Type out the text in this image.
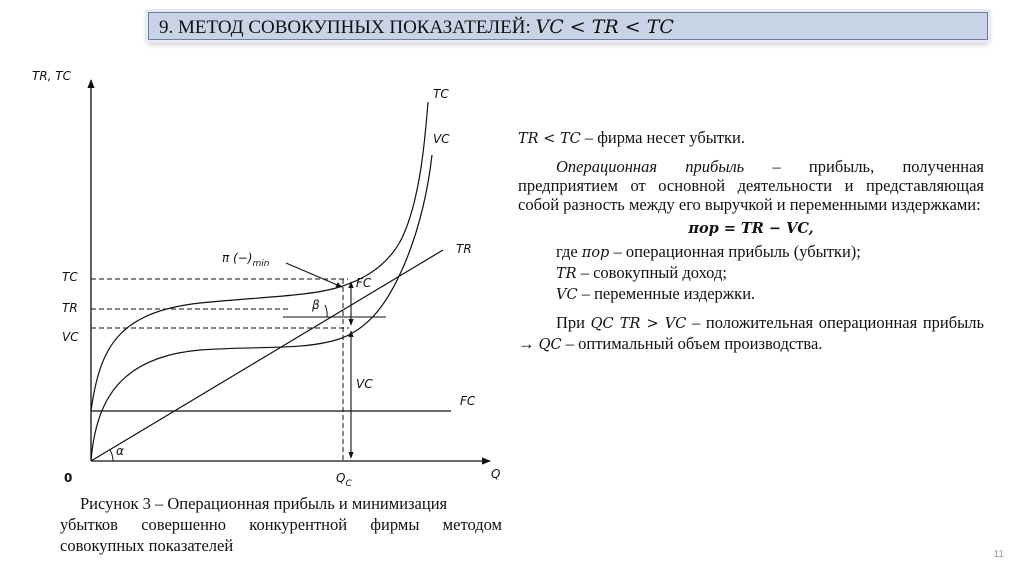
9. МЕТОД СОВОКУПНЫХ ПОКАЗАТЕЛЕЙ: VC < TR < TC
TR, TC
Q
0
TC
VC
TR
FC
TC
TR
VC
$Q_C$
FC
VC
π $(-)_{min}$
α
β

Рисунок 3 – Операционная прибыль и минимизация
убытков совершенно конкурентной фирмы методом совокупных показателей

TR < TC – фирма несет убытки.

Операционная прибыль – прибыль, полученная предприятием от основной деятельности и представляющая собой разность между его выручкой и переменными издержками:

πop = TR − VC,

где πop – операционная прибыль (убытки);

TR – совокупный доход;

VC – переменные издержки.

При QC TR > VC – положительная операционная прибыль → QC – оптимальный объем производства.

11
